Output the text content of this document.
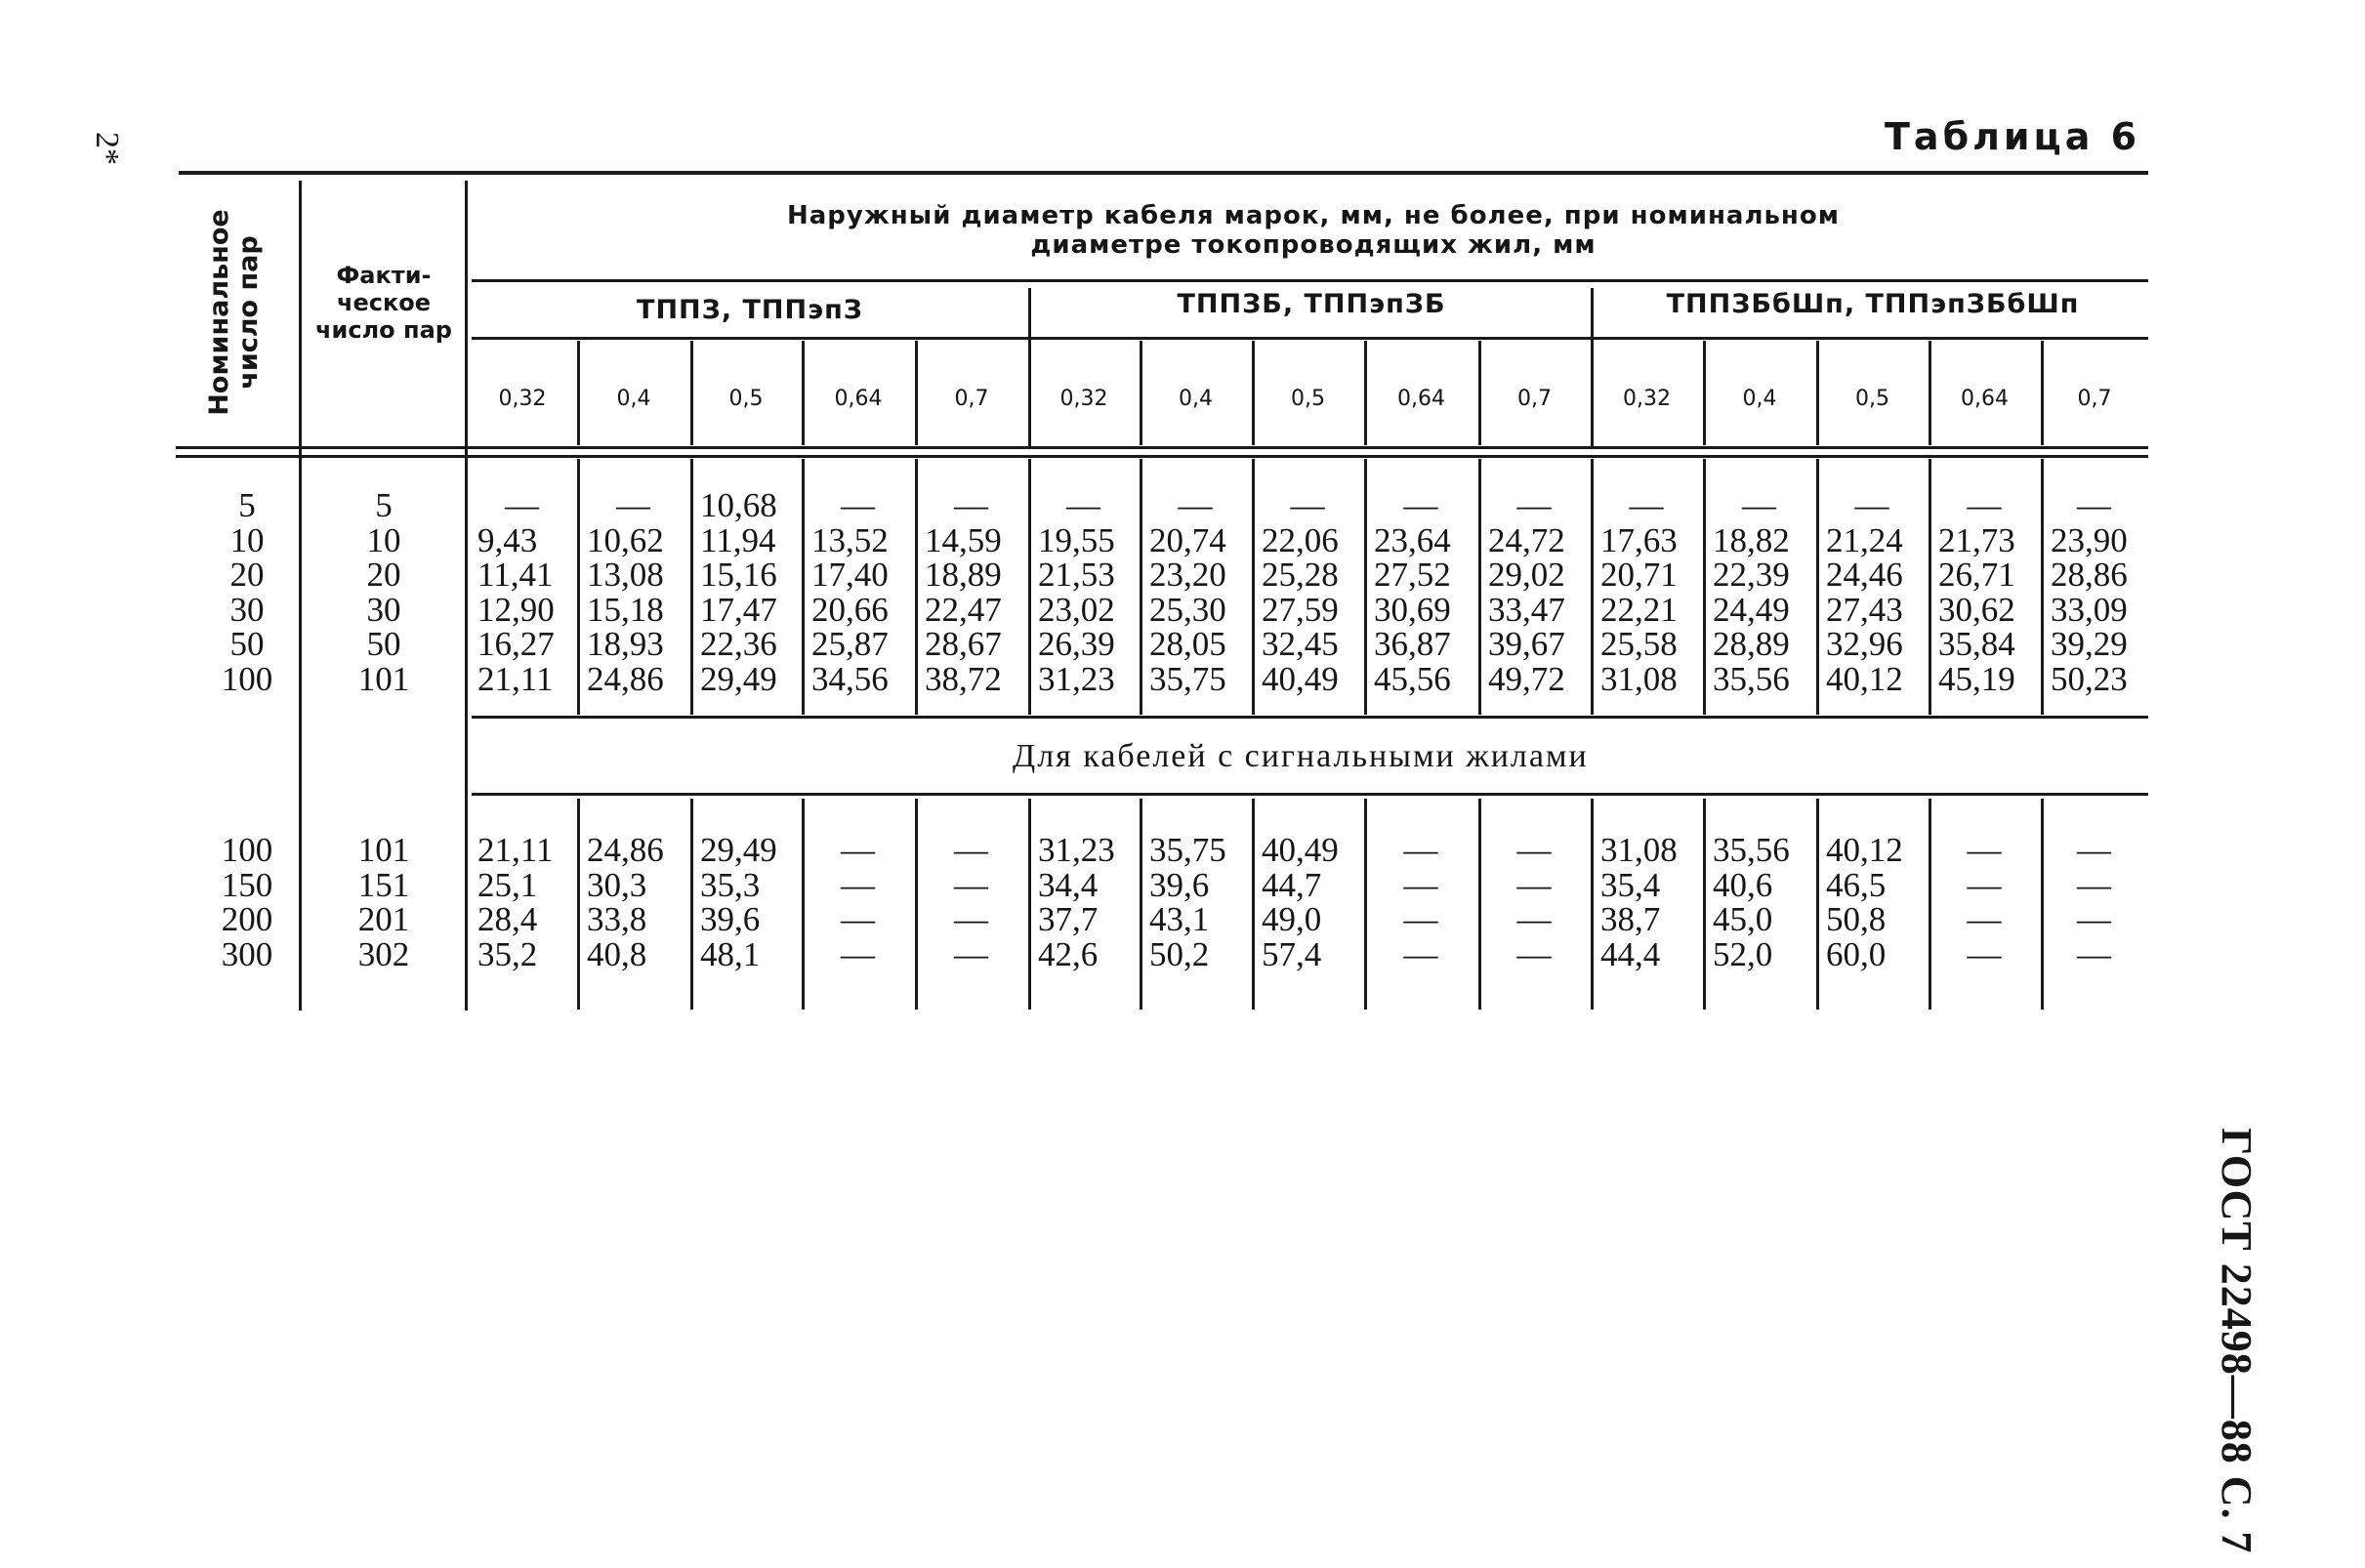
2*	Таблица 6
ГОСТ 22498—88 С. 7
Номинальное число пар	Факти-ческое число пар
Наружный диаметр кабеля марок, мм, не более, при номинальном диаметре токопроводящих жил, мм
ТППЗ, ТППэпЗ	ТППЗБ, ТППэпЗБ	ТППЗБбШп, ТППэпЗБбШп
0,32	0,4	0,5	0,64	0,7	0,32	0,4	0,5	0,64	0,7	0,32	0,4	0,5	0,64	0,7
Для кабелей с сигнальными жилами
5	5	— — 10,68 — — — — — — — — — — — —
10	10	9,43 10,62 11,94 13,52 14,59 19,55 20,74 22,06 23,64 24,72 17,63 18,82 21,24 21,73 23,90
20	20	11,41 13,08 15,16 17,40 18,89 21,53 23,20 25,28 27,52 29,02 20,71 22,39 24,46 26,71 28,86
30	30	12,90 15,18 17,47 20,66 22,47 23,02 25,30 27,59 30,69 33,47 22,21 24,49 27,43 30,62 33,09
50	50	16,27 18,93 22,36 25,87 28,67 26,39 28,05 32,45 36,87 39,67 25,58 28,89 32,96 35,84 39,29
100	101	21,11 24,86 29,49 34,56 38,72 31,23 35,75 40,49 45,56 49,72 31,08 35,56 40,12 45,19 50,23
100	101	21,11 24,86 29,49 — — 31,23 35,75 40,49 — — 31,08 35,56 40,12 — —
150	151	25,1 30,3 35,3 — — 34,4 39,6 44,7 — — 35,4 40,6 46,5 — —
200	201	28,4 33,8 39,6 — — 37,7 43,1 49,0 — — 38,7 45,0 50,8 — —
300	302	35,2 40,8 48,1 — — 42,6 50,2 57,4 — — 44,4 52,0 60,0 — —
